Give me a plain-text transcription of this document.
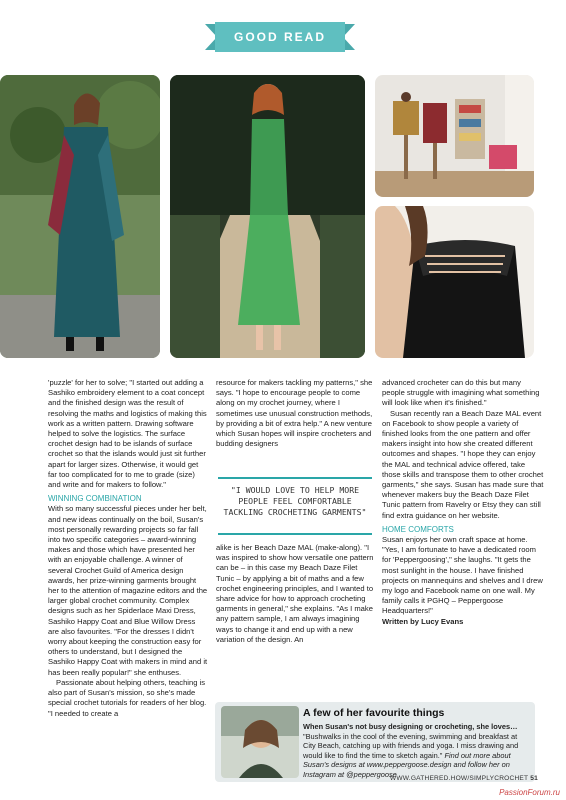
GOOD READ

'puzzle' for her to solve; "I started out adding a Sashiko embroidery element to a coat concept and the finished design was the result of resolving the maths and logistics of making this work as a written pattern. Drawing software helped to solve the logistics. The surface crochet design had to be islands of surface crochet so that the islands would just sit further apart for larger sizes. Otherwise, it would get far too complicated for to me to grade (size) and write and for makers to follow."

WINNING COMBINATION

With so many successful pieces under her belt, and new ideas continually on the boil, Susan's most personally rewarding projects so far fall into two specific categories – award-winning makes and those which have presented her with an enjoyable challenge. A winner of several Crochet Guild of America design awards, her prize-winning garments brought her to the attention of magazine editors and the larger global crochet community. Complex designs such as her Spiderlace Maxi Dress, Sashiko Happy Coat and Blue Willow Dress are also favourites. "For the dresses I didn't worry about keeping the construction easy for others to understand, but I designed the Sashiko Happy Coat with makers in mind and it has been really popular!" she enthuses.

Passionate about helping others, teaching is also part of Susan's mission, so she's made special crochet tutorials for readers of her blog. "I needed to create a

resource for makers tackling my patterns," she says. "I hope to encourage people to come along on my crochet journey, where I sometimes use unusual construction methods, by providing a bit of extra help." A new venture which Susan hopes will inspire crocheters and budding designers

"I WOULD LOVE TO HELP MORE PEOPLE FEEL COMFORTABLE TACKLING CROCHETING GARMENTS"

alike is her Beach Daze MAL (make-along). "I was inspired to show how versatile one pattern can be – in this case my Beach Daze Filet Tunic – by applying a bit of maths and a few crochet engineering principles, and I wanted to share advice for how to approach crocheting garments in general," she explains. "As I make any pattern sample, I am always imagining ways to change it and end up with a new variation of the design. An

advanced crocheter can do this but many people struggle with imagining what something will look like when it's finished."

Susan recently ran a Beach Daze MAL event on Facebook to show people a variety of finished looks from the one pattern and offer makers insight into how she created different outcomes and shapes. "I hope they can enjoy the MAL and technical advice offered, take those skills and transpose them to other crochet garments," she says. Susan has made sure that whenever makers buy the Beach Daze Filet Tunic pattern from Ravelry or Etsy they can still find extra guidance on her website.

HOME COMFORTS

Susan enjoys her own craft space at home. "Yes, I am fortunate to have a dedicated room for 'Peppergoosing'," she laughs. "It gets the most sunlight in the house. I have finished projects on mannequins and shelves and I drew my logo and Facebook name on one wall. My family calls it PGHQ – Peppergoose Headquarters!"

Written by Lucy Evans

A few of her favourite things
When Susan's not busy designing or crocheting, she loves…
"Bushwalks in the cool of the evening, swimming and breakfast at City Beach, catching up with friends and yoga. I miss drawing and would like to find the time to sketch again." Find out more about Susan's designs at www.peppergoose.design and follow her on Instagram at @peppergoose
WWW.GATHERED.HOW/SIMPLYCROCHET 51
PassionForum.ru
